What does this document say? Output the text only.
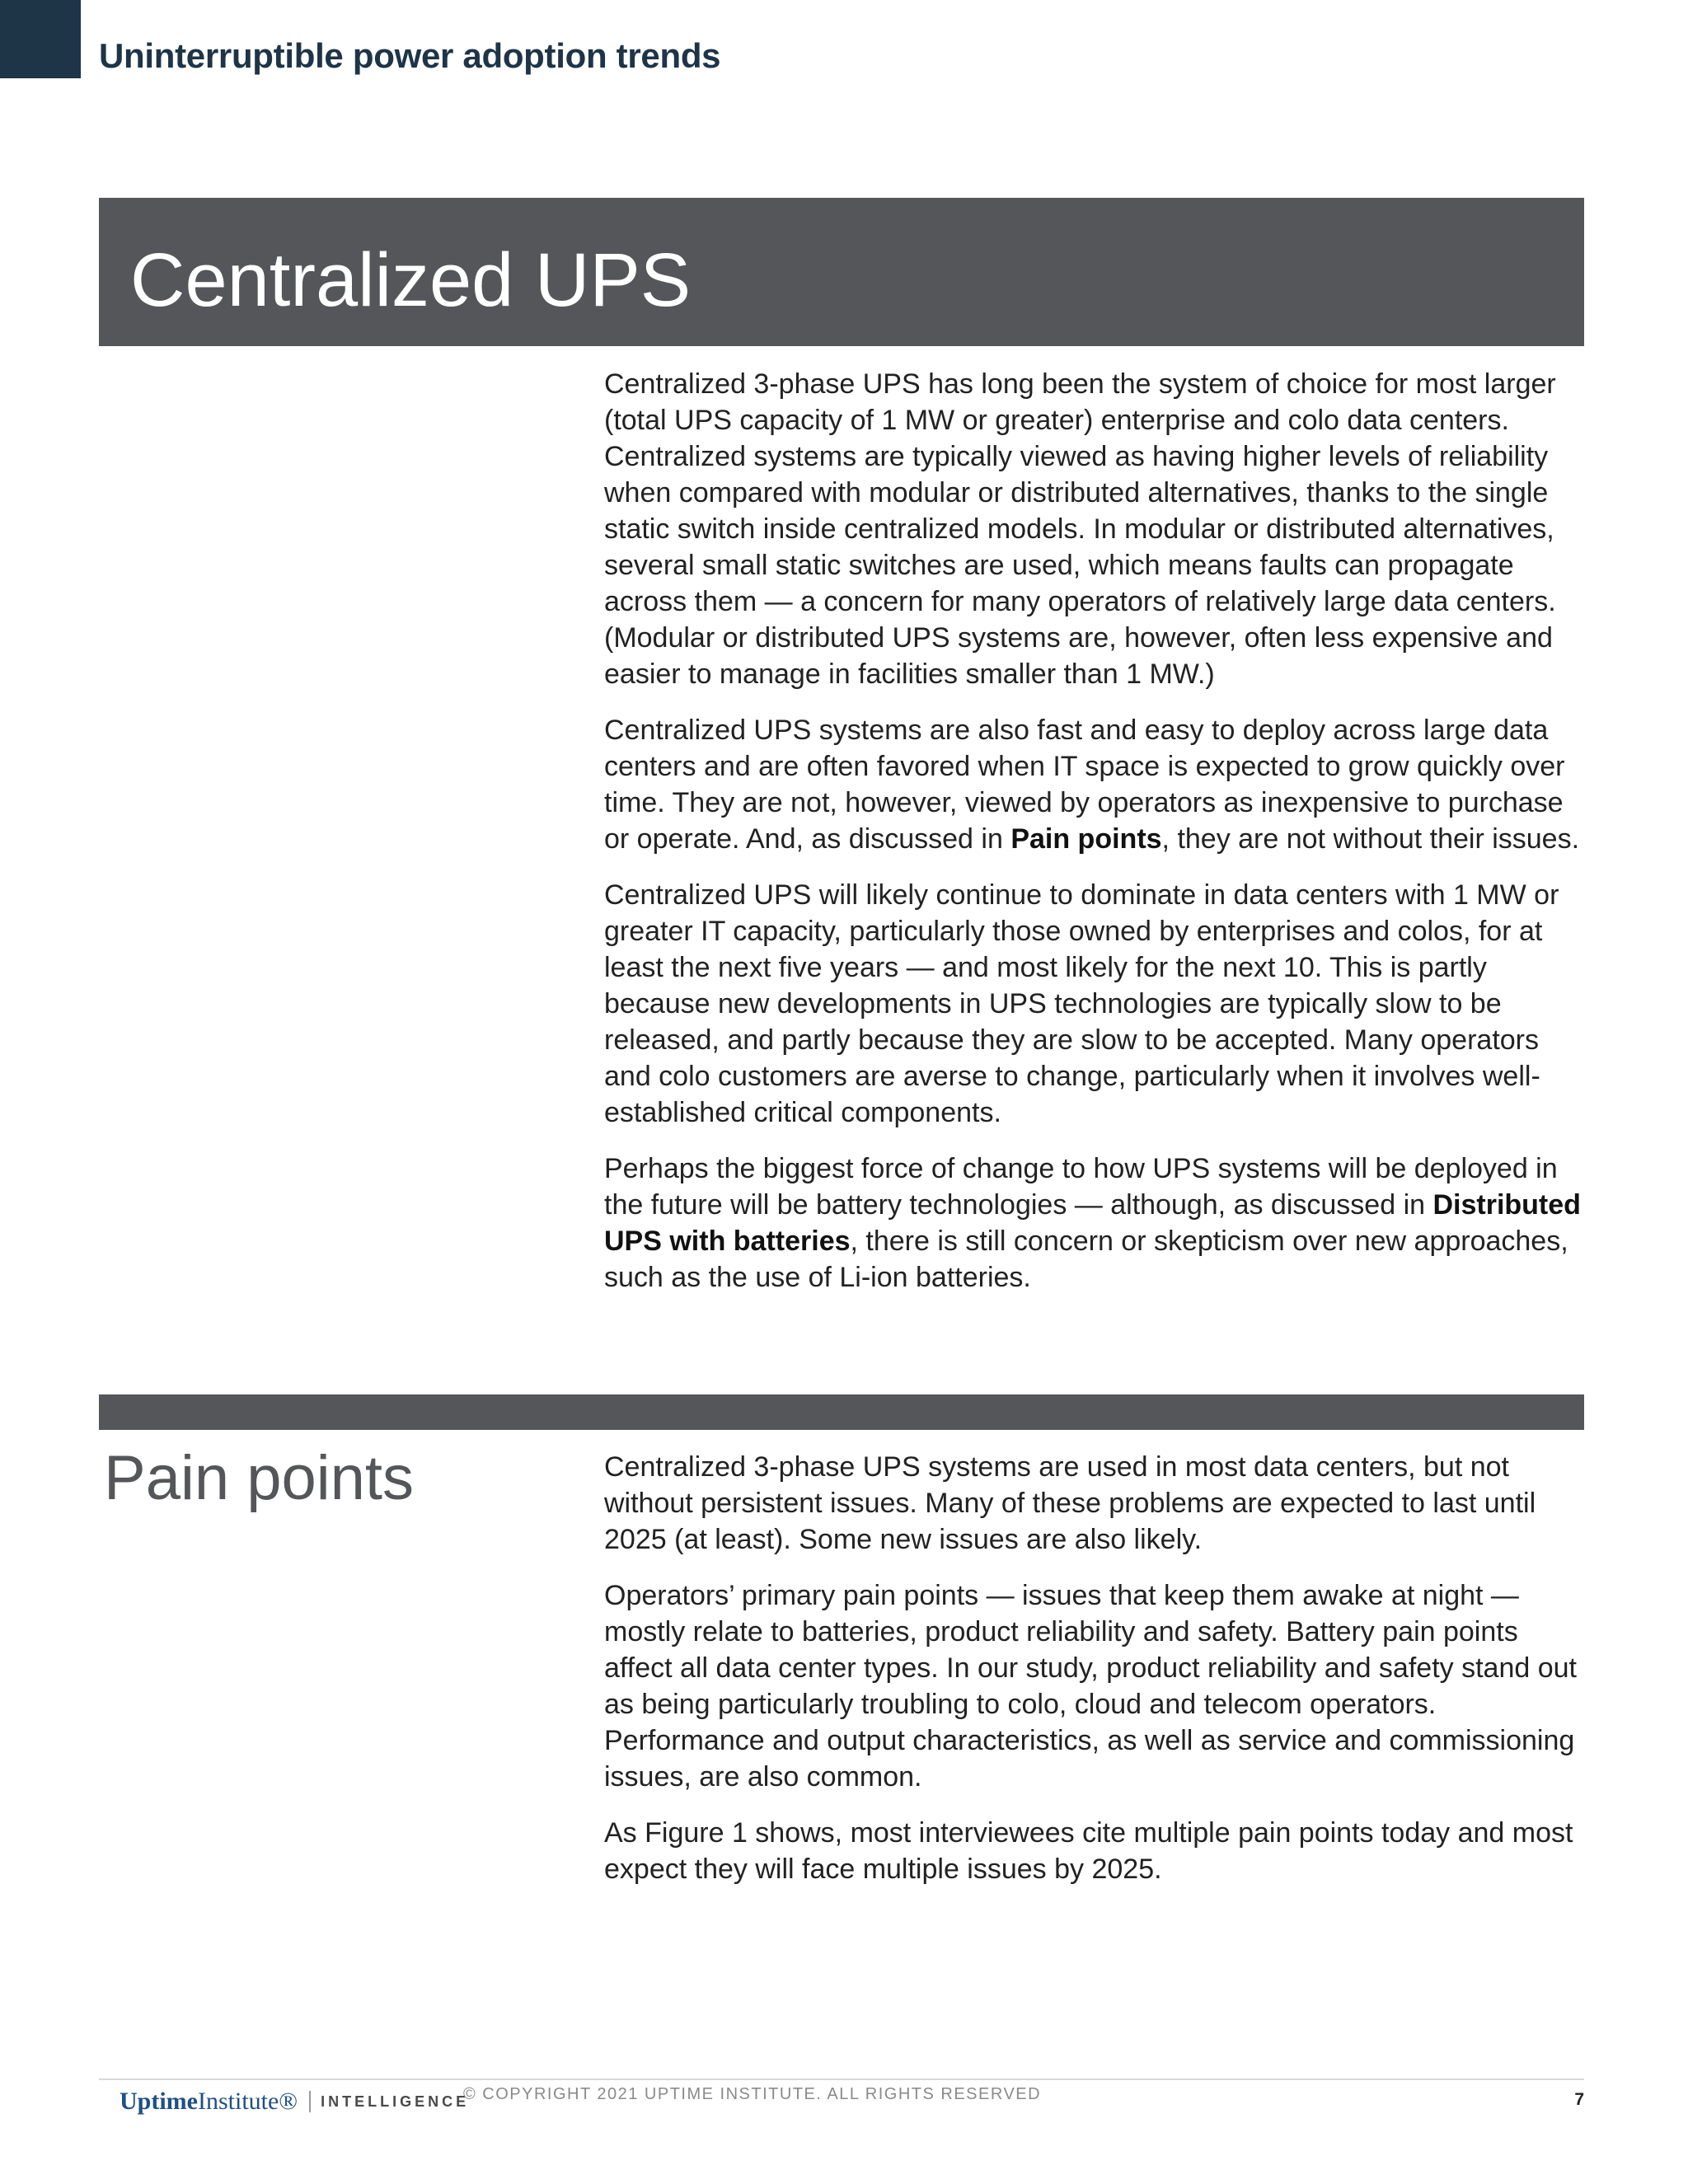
Uninterruptible power adoption trends
Centralized UPS

Centralized 3-phase UPS has long been the system of choice for most larger (total UPS capacity of 1 MW or greater) enterprise and colo data centers. Centralized systems are typically viewed as having higher levels of reliability when compared with modular or distributed alternatives, thanks to the single static switch inside centralized models. In modular or distributed alternatives, several small static switches are used, which means faults can propagate across them — a concern for many operators of relatively large data centers. (Modular or distributed UPS systems are, however, often less expensive and easier to manage in facilities smaller than 1 MW.)

Centralized UPS systems are also fast and easy to deploy across large data centers and are often favored when IT space is expected to grow quickly over time. They are not, however, viewed by operators as inexpensive to purchase or operate. And, as discussed in Pain points, they are not without their issues.

Centralized UPS will likely continue to dominate in data centers with 1 MW or greater IT capacity, particularly those owned by enterprises and colos, for at least the next five years — and most likely for the next 10. This is partly because new developments in UPS technologies are typically slow to be released, and partly because they are slow to be accepted. Many operators and colo customers are averse to change, particularly when it involves well-established critical components.

Perhaps the biggest force of change to how UPS systems will be deployed in the future will be battery technologies — although, as discussed in Distributed UPS with batteries, there is still concern or skepticism over new approaches, such as the use of Li-ion batteries.

Pain points	Centralized 3-phase UPS systems are used in most data centers, but not without persistent issues. Many of these problems are expected to last until 2025 (at least). Some new issues are also likely.

Operators’ primary pain points — issues that keep them awake at night — mostly relate to batteries, product reliability and safety. Battery pain points affect all data center types. In our study, product reliability and safety stand out as being particularly troubling to colo, cloud and telecom operators. Performance and output characteristics, as well as service and commissioning issues, are also common.

As Figure 1 shows, most interviewees cite multiple pain points today and most expect they will face multiple issues by 2025.

Uptime Institute® INTELLIGENCE

© COPYRIGHT 2021 UPTIME INSTITUTE. ALL RIGHTS RESERVED	7
